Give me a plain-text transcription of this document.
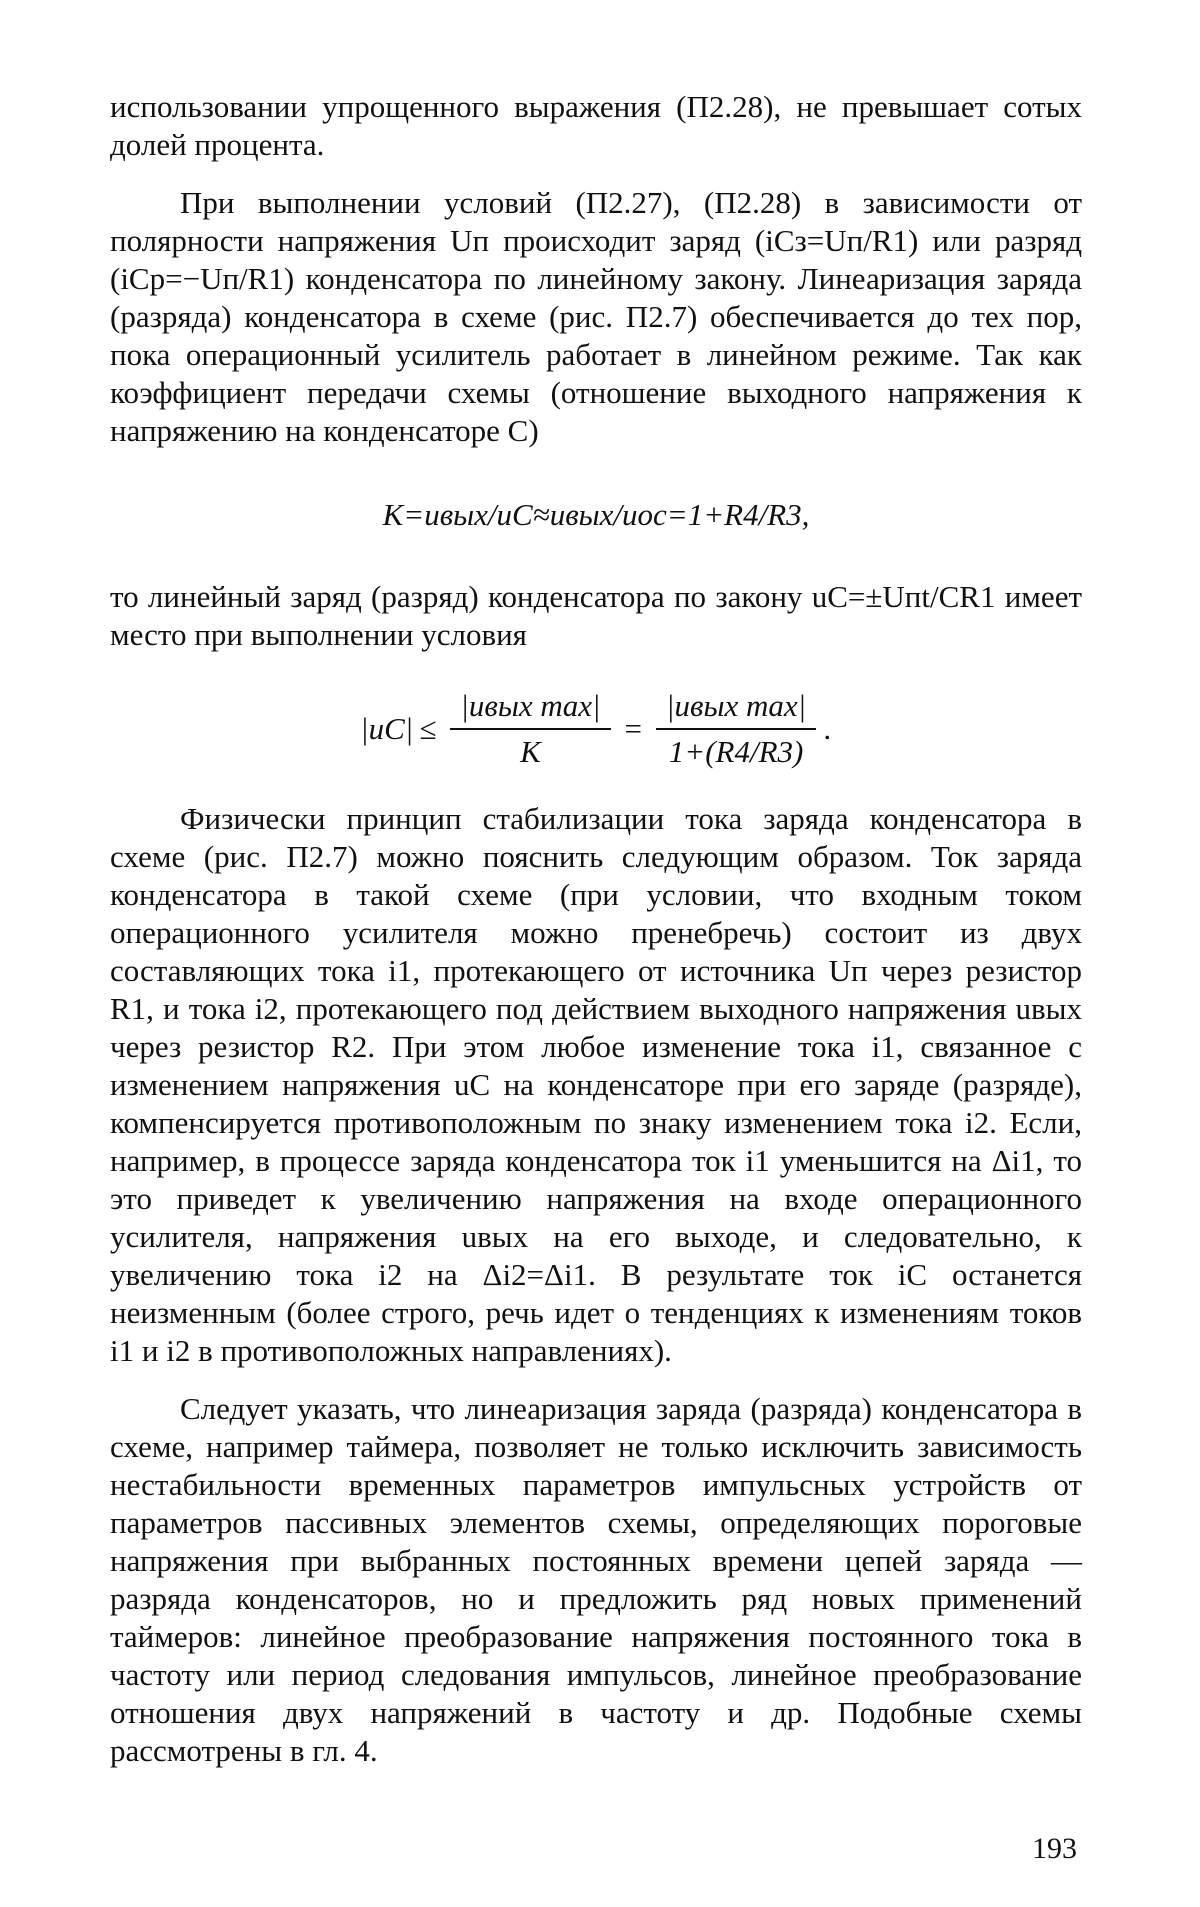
использовании упрощенного выражения (П2.28), не превышает сотых долей процента.

При выполнении условий (П2.27), (П2.28) в зависимости от полярности напряжения Uп происходит заряд (iCз=Uп/R1) или разряд (iCр=−Uп/R1) конденсатора по линейному закону. Линеаризация заряда (разряда) конденсатора в схеме (рис. П2.7) обеспечивается до тех пор, пока операционный усилитель работает в линейном режиме. Так как коэффициент передачи схемы (отношение выходного напряжения к напряжению на конденсаторе C)

K=uвых/uC≈uвых/uос=1+R4/R3,

то линейный заряд (разряд) конденсатора по закону uC=±Uпt/CR1 имеет место при выполнении условия

$|uC| \le \frac{\text{|uвых max|}}{K} = \frac{\text{|uвых max|}}{1+(R4/R3)}$ .

Физически принцип стабилизации тока заряда конденсатора в схеме (рис. П2.7) можно пояснить следующим образом. Ток заряда конденсатора в такой схеме (при условии, что входным током операционного усилителя можно пренебречь) состоит из двух составляющих тока i1, протекающего от источника Uп через резистор R1, и тока i2, протекающего под действием выходного напряжения uвых через резистор R2. При этом любое изменение тока i1, связанное с изменением напряжения uC на конденсаторе при его заряде (разряде), компенсируется противоположным по знаку изменением тока i2. Если, например, в процессе заряда конденсатора ток i1 уменьшится на Δi1, то это приведет к увеличению напряжения на входе операционного усилителя, напряжения uвых на его выходе, и следовательно, к увеличению тока i2 на Δi2=Δi1. В результате ток iC останется неизменным (более строго, речь идет о тенденциях к изменениям токов i1 и i2 в противоположных направлениях).

Следует указать, что линеаризация заряда (разряда) конденсатора в схеме, например таймера, позволяет не только исключить зависимость нестабильности временных параметров импульсных устройств от параметров пассивных элементов схемы, определяющих пороговые напряжения при выбранных постоянных времени цепей заряда — разряда конденсаторов, но и предложить ряд новых применений таймеров: линейное преобразование напряжения постоянного тока в частоту или период следования импульсов, линейное преобразование отношения двух напряжений в частоту и др. Подобные схемы рассмотрены в гл. 4.

193
